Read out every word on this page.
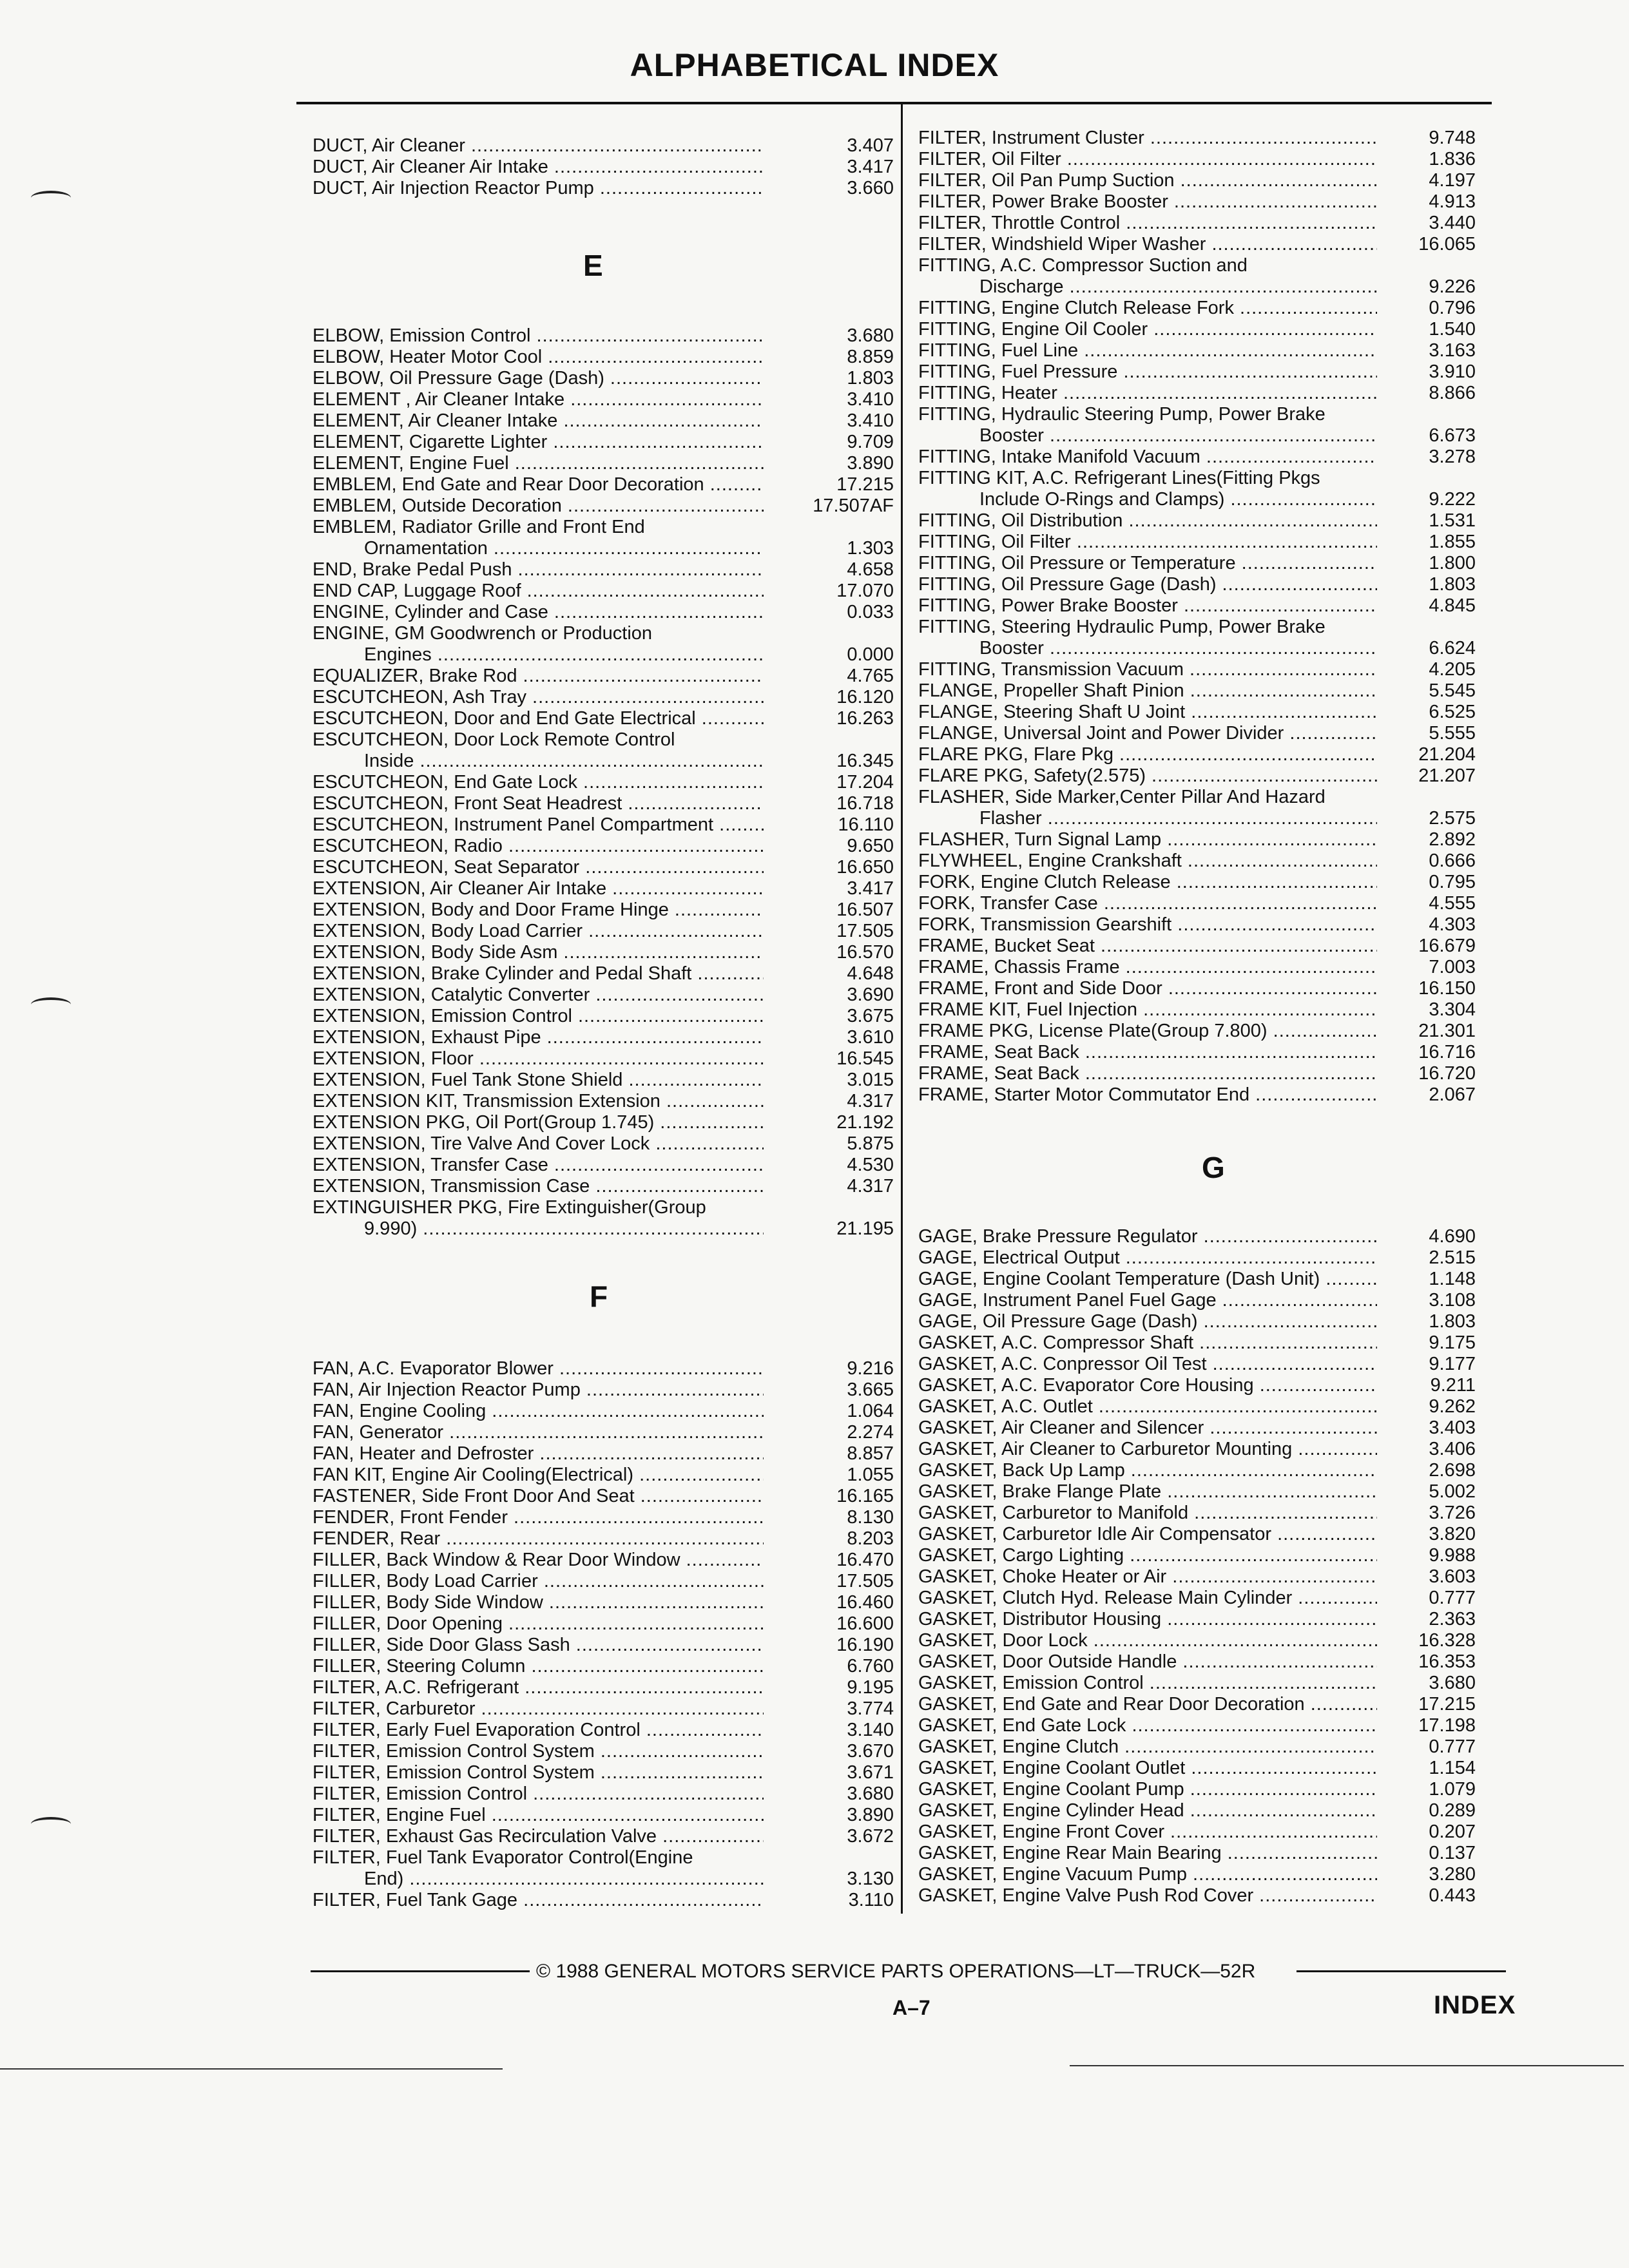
ALPHABETICAL INDEX
DUCT, Air Cleaner .....	3.407
DUCT, Air Cleaner Air Intake .....	3.417
DUCT, Air Injection Reactor Pump .....	3.660
E
ELBOW, Emission Control .....	3.680
ELBOW, Heater Motor Cool .....	8.859
ELBOW, Oil Pressure Gage (Dash) .....	1.803
ELEMENT , Air Cleaner Intake .....	3.410
ELEMENT, Air Cleaner Intake .....	3.410
ELEMENT, Cigarette Lighter .....	9.709
ELEMENT, Engine Fuel .....	3.890
EMBLEM, End Gate and Rear Door Decoration .....	17.215
EMBLEM, Outside Decoration .....	17.507AF
EMBLEM, Radiator Grille and Front End
Ornamentation .....	1.303
END, Brake Pedal Push .....	4.658
END CAP, Luggage Roof .....	17.070
ENGINE, Cylinder and Case .....	0.033
ENGINE, GM Goodwrench or Production
Engines .....	0.000
EQUALIZER, Brake Rod .....	4.765
ESCUTCHEON, Ash Tray .....	16.120
ESCUTCHEON, Door and End Gate Electrical .....	16.263
ESCUTCHEON, Door Lock Remote Control
Inside .....	16.345
ESCUTCHEON, End Gate Lock .....	17.204
ESCUTCHEON, Front Seat Headrest .....	16.718
ESCUTCHEON, Instrument Panel Compartment .....	16.110
ESCUTCHEON, Radio .....	9.650
ESCUTCHEON, Seat Separator .....	16.650
EXTENSION, Air Cleaner Air Intake .....	3.417
EXTENSION, Body and Door Frame Hinge .....	16.507
EXTENSION, Body Load Carrier .....	17.505
EXTENSION, Body Side Asm .....	16.570
EXTENSION, Brake Cylinder and Pedal Shaft .....	4.648
EXTENSION, Catalytic Converter .....	3.690
EXTENSION, Emission Control .....	3.675
EXTENSION, Exhaust Pipe .....	3.610
EXTENSION, Floor .....	16.545
EXTENSION, Fuel Tank Stone Shield .....	3.015
EXTENSION KIT, Transmission Extension .....	4.317
EXTENSION PKG, Oil Port(Group 1.745) .....	21.192
EXTENSION, Tire Valve And Cover Lock .....	5.875
EXTENSION, Transfer Case .....	4.530
EXTENSION, Transmission Case .....	4.317
EXTINGUISHER PKG, Fire Extinguisher(Group
9.990) .....	21.195
F
FAN, A.C. Evaporator Blower .....	9.216
FAN, Air Injection Reactor Pump .....	3.665
FAN, Engine Cooling .....	1.064
FAN, Generator .....	2.274
FAN, Heater and Defroster .....	8.857
FAN KIT, Engine Air Cooling(Electrical) .....	1.055
FASTENER, Side Front Door And Seat .....	16.165
FENDER, Front Fender .....	8.130
FENDER, Rear .....	8.203
FILLER, Back Window & Rear Door Window .....	16.470
FILLER, Body Load Carrier .....	17.505
FILLER, Body Side Window .....	16.460
FILLER, Door Opening .....	16.600
FILLER, Side Door Glass Sash .....	16.190
FILLER, Steering Column .....	6.760
FILTER, A.C. Refrigerant .....	9.195
FILTER, Carburetor .....	3.774
FILTER, Early Fuel Evaporation Control .....	3.140
FILTER, Emission Control System .....	3.670
FILTER, Emission Control System .....	3.671
FILTER, Emission Control .....	3.680
FILTER, Engine Fuel .....	3.890
FILTER, Exhaust Gas Recirculation Valve .....	3.672
FILTER, Fuel Tank Evaporator Control(Engine
End) .....	3.130
FILTER, Fuel Tank Gage .....	3.110
FILTER, Instrument Cluster .....	9.748
FILTER, Oil Filter .....	1.836
FILTER, Oil Pan Pump Suction .....	4.197
FILTER, Power Brake Booster .....	4.913
FILTER, Throttle Control .....	3.440
FILTER, Windshield Wiper Washer .....	16.065
FITTING, A.C. Compressor Suction and
Discharge .....	9.226
FITTING, Engine Clutch Release Fork .....	0.796
FITTING, Engine Oil Cooler .....	1.540
FITTING, Fuel Line .....	3.163
FITTING, Fuel Pressure .....	3.910
FITTING, Heater .....	8.866
FITTING, Hydraulic Steering Pump, Power Brake
Booster .....	6.673
FITTING, Intake Manifold Vacuum .....	3.278
FITTING KIT, A.C. Refrigerant Lines(Fitting Pkgs
Include O-Rings and Clamps) .....	9.222
FITTING, Oil Distribution .....	1.531
FITTING, Oil Filter .....	1.855
FITTING, Oil Pressure or Temperature .....	1.800
FITTING, Oil Pressure Gage (Dash) .....	1.803
FITTING, Power Brake Booster .....	4.845
FITTING, Steering Hydraulic Pump, Power Brake
Booster .....	6.624
FITTING, Transmission Vacuum .....	4.205
FLANGE, Propeller Shaft Pinion .....	5.545
FLANGE, Steering Shaft U Joint .....	6.525
FLANGE, Universal Joint and Power Divider .....	5.555
FLARE PKG, Flare Pkg .....	21.204
FLARE PKG, Safety(2.575) .....	21.207
FLASHER, Side Marker,Center Pillar And Hazard
Flasher .....	2.575
FLASHER, Turn Signal Lamp .....	2.892
FLYWHEEL, Engine Crankshaft .....	0.666
FORK, Engine Clutch Release .....	0.795
FORK, Transfer Case .....	4.555
FORK, Transmission Gearshift .....	4.303
FRAME, Bucket Seat .....	16.679
FRAME, Chassis Frame .....	7.003
FRAME, Front and Side Door .....	16.150
FRAME KIT, Fuel Injection .....	3.304
FRAME PKG, License Plate(Group 7.800) .....	21.301
FRAME, Seat Back .....	16.716
FRAME, Seat Back .....	16.720
FRAME, Starter Motor Commutator End .....	2.067
G
GAGE, Brake Pressure Regulator .....	4.690
GAGE, Electrical Output .....	2.515
GAGE, Engine Coolant Temperature (Dash Unit) .....	1.148
GAGE, Instrument Panel Fuel Gage .....	3.108
GAGE, Oil Pressure Gage (Dash) .....	1.803
GASKET, A.C. Compressor Shaft .....	9.175
GASKET, A.C. Conpressor Oil Test .....	9.177
GASKET, A.C. Evaporator Core Housing .....	9.211
GASKET, A.C. Outlet .....	9.262
GASKET, Air Cleaner and Silencer .....	3.403
GASKET, Air Cleaner to Carburetor Mounting .....	3.406
GASKET, Back Up Lamp .....	2.698
GASKET, Brake Flange Plate .....	5.002
GASKET, Carburetor to Manifold .....	3.726
GASKET, Carburetor Idle Air Compensator .....	3.820
GASKET, Cargo Lighting .....	9.988
GASKET, Choke Heater or Air .....	3.603
GASKET, Clutch Hyd. Release Main Cylinder .....	0.777
GASKET, Distributor Housing .....	2.363
GASKET, Door Lock .....	16.328
GASKET, Door Outside Handle .....	16.353
GASKET, Emission Control .....	3.680
GASKET, End Gate and Rear Door Decoration .....	17.215
GASKET, End Gate Lock .....	17.198
GASKET, Engine Clutch .....	0.777
GASKET, Engine Coolant Outlet .....	1.154
GASKET, Engine Coolant Pump .....	1.079
GASKET, Engine Cylinder Head .....	0.289
GASKET, Engine Front Cover .....	0.207
GASKET, Engine Rear Main Bearing .....	0.137
GASKET, Engine Vacuum Pump .....	3.280
GASKET, Engine Valve Push Rod Cover .....	0.443
© 1988 GENERAL MOTORS SERVICE PARTS OPERATIONS—LT—TRUCK—52R
A–7	INDEX
